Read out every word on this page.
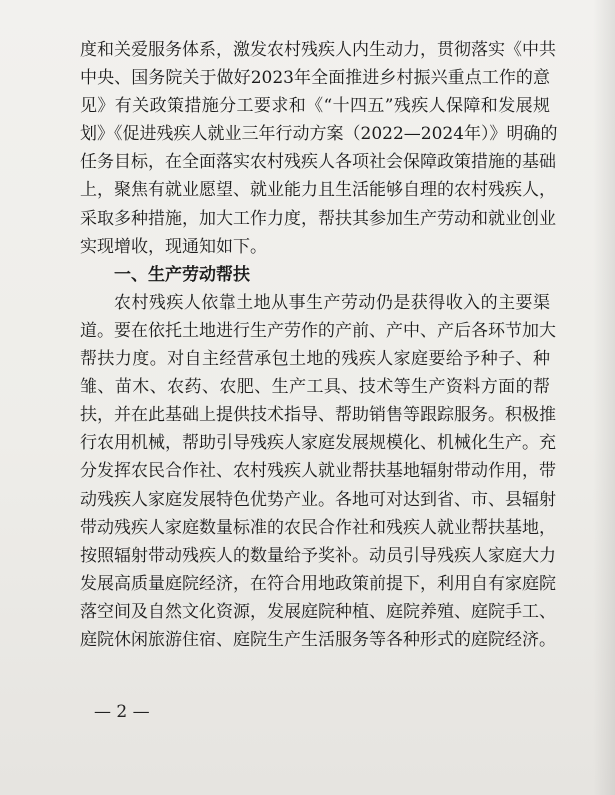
度和关爱服务体系，激发农村残疾人内生动力，贯彻落实《中共
中央、国务院关于做好2023年全面推进乡村振兴重点工作的意
见》有关政策措施分工要求和《“十四五”残疾人保障和发展规
划》《促进残疾人就业三年行动方案（2022—2024年）》明确的
任务目标，在全面落实农村残疾人各项社会保障政策措施的基础
上，聚焦有就业愿望、就业能力且生活能够自理的农村残疾人，
采取多种措施，加大工作力度，帮扶其参加生产劳动和就业创业
实现增收，现通知如下。
一、生产劳动帮扶
农村残疾人依靠土地从事生产劳动仍是获得收入的主要渠
道。要在依托土地进行生产劳作的产前、产中、产后各环节加大
帮扶力度。对自主经营承包土地的残疾人家庭要给予种子、种
雏、苗木、农药、农肥、生产工具、技术等生产资料方面的帮
扶，并在此基础上提供技术指导、帮助销售等跟踪服务。积极推
行农用机械，帮助引导残疾人家庭发展规模化、机械化生产。充
分发挥农民合作社、农村残疾人就业帮扶基地辐射带动作用，带
动残疾人家庭发展特色优势产业。各地可对达到省、市、县辐射
带动残疾人家庭数量标准的农民合作社和残疾人就业帮扶基地，
按照辐射带动残疾人的数量给予奖补。动员引导残疾人家庭大力
发展高质量庭院经济，在符合用地政策前提下，利用自有家庭院
落空间及自然文化资源，发展庭院种植、庭院养殖、庭院手工、
庭院休闲旅游住宿、庭院生产生活服务等各种形式的庭院经济。
— 2 —
